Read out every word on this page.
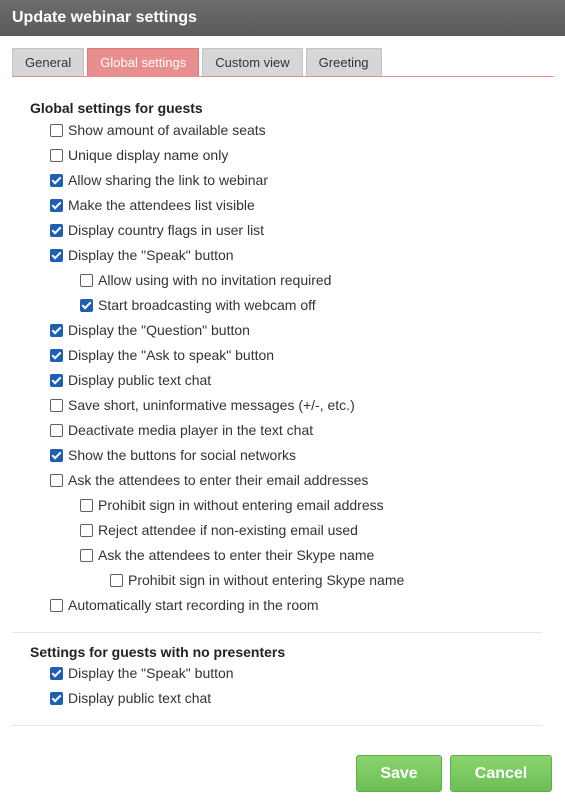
Update webinar settings
General	Global settings	Custom view	Greeting
Global settings for guests
Show amount of available seats
Unique display name only
Allow sharing the link to webinar
Make the attendees list visible
Display country flags in user list
Display the "Speak" button
Allow using with no invitation required
Start broadcasting with webcam off
Display the "Question" button
Display the "Ask to speak" button
Display public text chat
Save short, uninformative messages (+/-, etc.)
Deactivate media player in the text chat
Show the buttons for social networks
Ask the attendees to enter their email addresses
Prohibit sign in without entering email address
Reject attendee if non-existing email used
Ask the attendees to enter their Skype name
Prohibit sign in without entering Skype name
Automatically start recording in the room
Settings for guests with no presenters
Display the "Speak" button
Display public text chat
Save	Cancel
